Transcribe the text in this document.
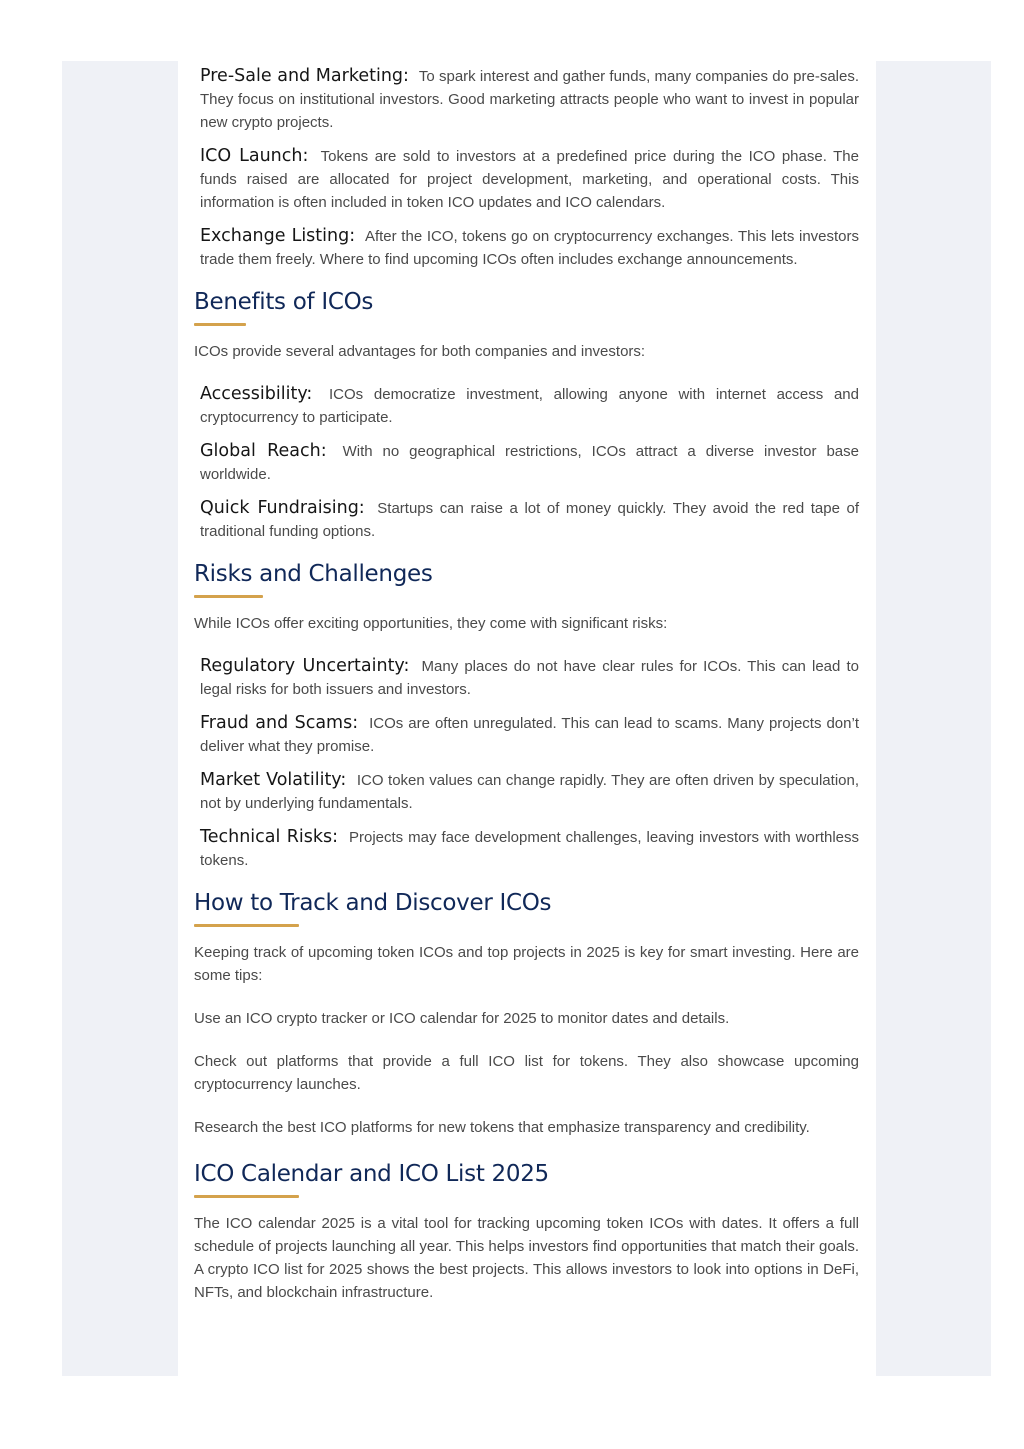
Pre-Sale and Marketing: To spark interest and gather funds, many companies do pre-sales. They focus on institutional investors. Good marketing attracts people who want to invest in popular new crypto projects.
ICO Launch: Tokens are sold to investors at a predefined price during the ICO phase. The funds raised are allocated for project development, marketing, and operational costs. This information is often included in token ICO updates and ICO calendars.
Exchange Listing: After the ICO, tokens go on cryptocurrency exchanges. This lets investors trade them freely. Where to find upcoming ICOs often includes exchange announcements.
Benefits of ICOs

ICOs provide several advantages for both companies and investors:

Accessibility: ICOs democratize investment, allowing anyone with internet access and cryptocurrency to participate.
Global Reach: With no geographical restrictions, ICOs attract a diverse investor base worldwide.
Quick Fundraising: Startups can raise a lot of money quickly. They avoid the red tape of traditional funding options.
Risks and Challenges

While ICOs offer exciting opportunities, they come with significant risks:

Regulatory Uncertainty: Many places do not have clear rules for ICOs. This can lead to legal risks for both issuers and investors.
Fraud and Scams: ICOs are often unregulated. This can lead to scams. Many projects don’t deliver what they promise.
Market Volatility: ICO token values can change rapidly. They are often driven by speculation, not by underlying fundamentals.
Technical Risks: Projects may face development challenges, leaving investors with worthless tokens.
How to Track and Discover ICOs

Keeping track of upcoming token ICOs and top projects in 2025 is key for smart investing. Here are some tips:

Use an ICO crypto tracker or ICO calendar for 2025 to monitor dates and details.

Check out platforms that provide a full ICO list for tokens. They also showcase upcoming cryptocurrency launches.

Research the best ICO platforms for new tokens that emphasize transparency and credibility.

ICO Calendar and ICO List 2025

The ICO calendar 2025 is a vital tool for tracking upcoming token ICOs with dates. It offers a full schedule of projects launching all year. This helps investors find opportunities that match their goals. A crypto ICO list for 2025 shows the best projects. This allows investors to look into options in DeFi, NFTs, and blockchain infrastructure.
